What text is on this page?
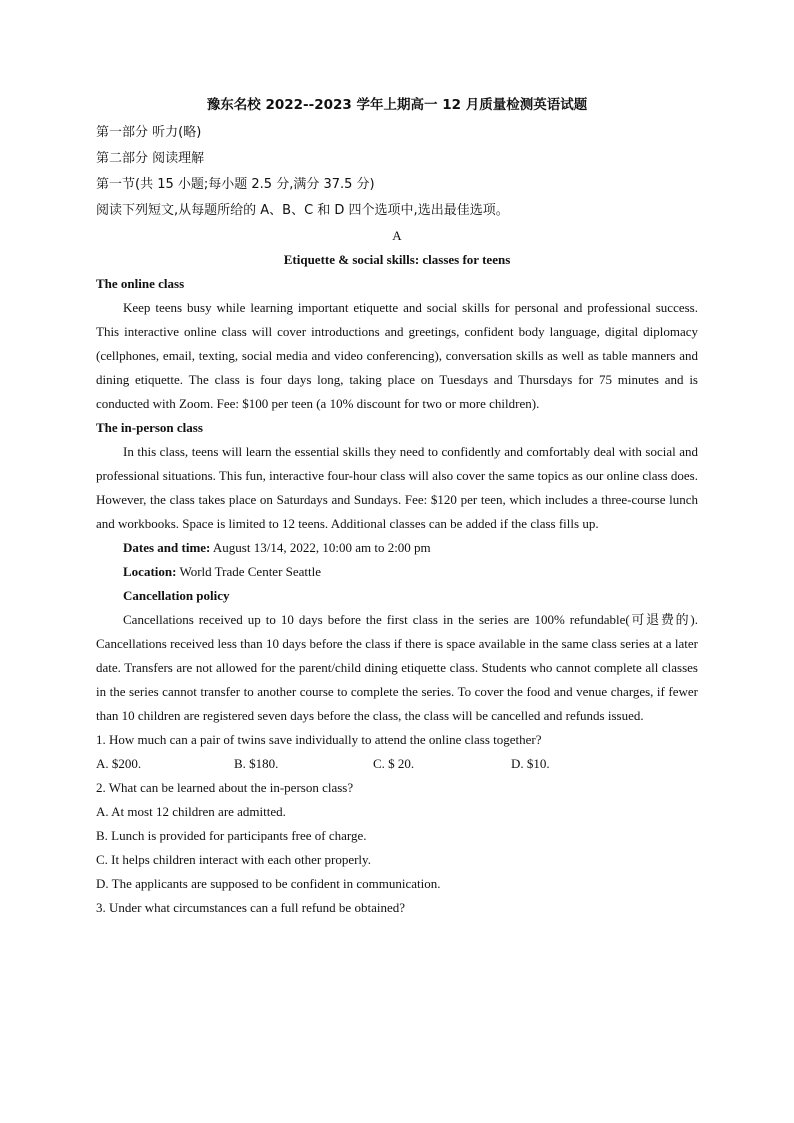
豫东名校 2022--2023 学年上期高一 12 月质量检测英语试题
第一部分 听力(略)
第二部分 阅读理解
第一节(共 15 小题;每小题 2.5 分,满分 37.5 分)
阅读下列短文,从每题所给的 A、B、C 和 D 四个选项中,选出最佳选项。
A
Etiquette & social skills: classes for teens
The online class

Keep teens busy while learning important etiquette and social skills for personal and professional success. This interactive online class will cover introductions and greetings, confident body language, digital diplomacy (cellphones, email, texting, social media and video conferencing), conversation skills as well as table manners and dining etiquette. The class is four days long, taking place on Tuesdays and Thursdays for 75 minutes and is conducted with Zoom. Fee: $100 per teen (a 10% discount for two or more children).

The in-person class

In this class, teens will learn the essential skills they need to confidently and comfortably deal with social and professional situations. This fun, interactive four-hour class will also cover the same topics as our online class does. However, the class takes place on Saturdays and Sundays. Fee: $120 per teen, which includes a three-course lunch and workbooks. Space is limited to 12 teens. Additional classes can be added if the class fills up.

Dates and time: August 13/14, 2022, 10:00 am to 2:00 pm
Location: World Trade Center Seattle
Cancellation policy

Cancellations received up to 10 days before the first class in the series are 100% refundable(可退费的). Cancellations received less than 10 days before the class if there is space available in the same class series at a later date. Transfers are not allowed for the parent/child dining etiquette class. Students who cannot complete all classes in the series cannot transfer to another course to complete the series. To cover the food and venue charges, if fewer than 10 children are registered seven days before the class, the class will be cancelled and refunds issued.

1. How much can a pair of twins save individually to attend the online class together?
A. $200.	B. $180.	C. $ 20.	D. $10.
2. What can be learned about the in-person class?
A. At most 12 children are admitted.
B. Lunch is provided for participants free of charge.
C. It helps children interact with each other properly.
D. The applicants are supposed to be confident in communication.
3. Under what circumstances can a full refund be obtained?
